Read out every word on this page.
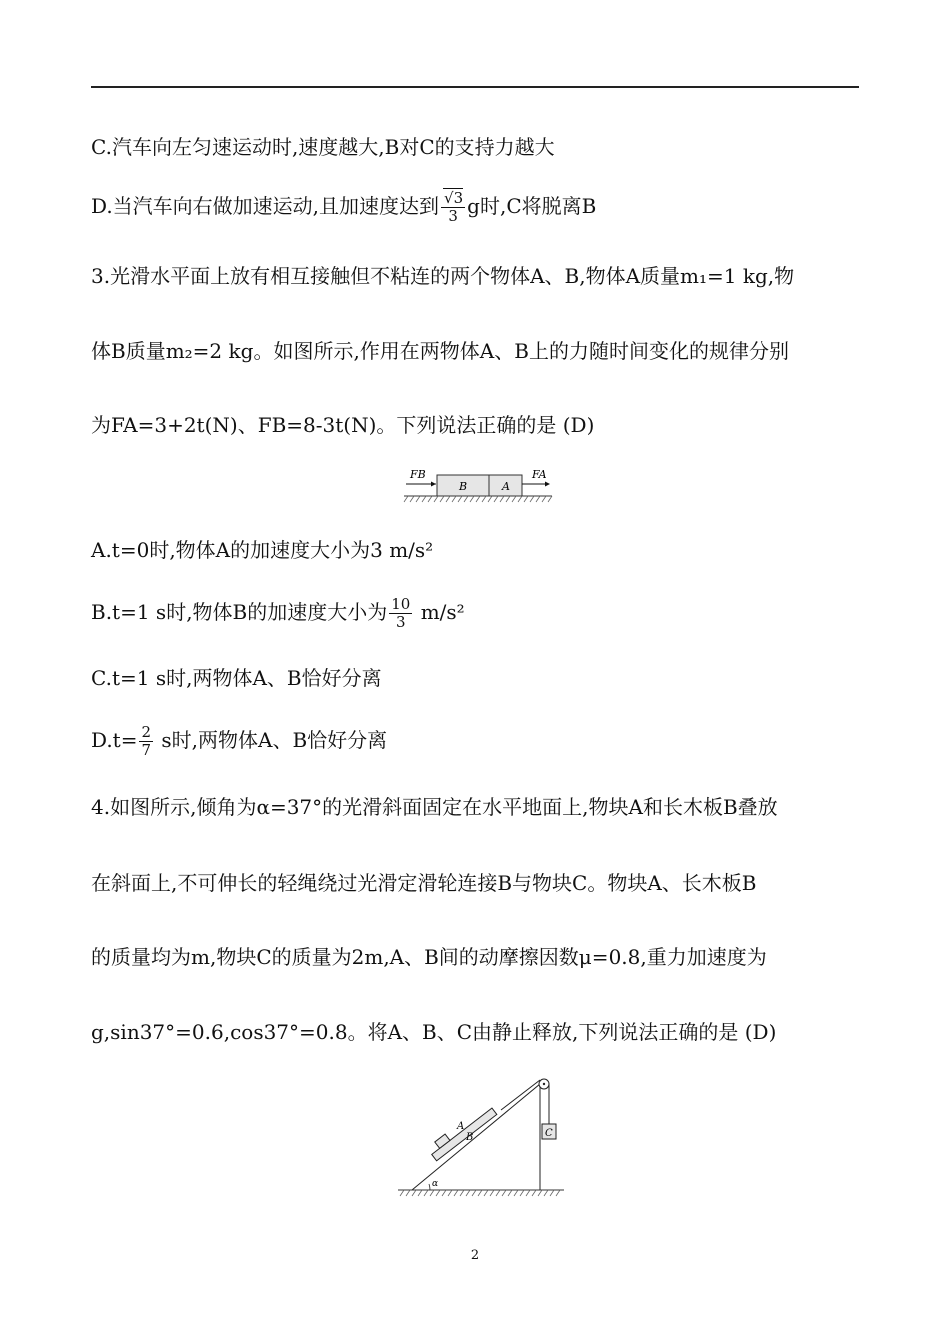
C.汽车向左匀速运动时,速度越大,B对C的支持力越大
D.当汽车向右做加速运动,且加速度达到 $\frac{√3}{3}$ g时,C将脱离B
3.光滑水平面上放有相互接触但不粘连的两个物体A、B,物体A质量m₁=1 kg,物
体B质量m₂=2 kg。如图所示,作用在两物体A、B上的力随时间变化的规律分别
为FA=3+2t(N)、FB=8-3t(N)。下列说法正确的是 (D)
FB
B	A
FA
A.t=0时,物体A的加速度大小为3 m/s²
B.t=1 s时,物体B的加速度大小为 $\frac{10}{3} m/s^2$
C.t=1 s时,两物体A、B恰好分离
$D.t= \frac{2}{7}$ s时,两物体A、B恰好分离
4.如图所示,倾角为α=37°的光滑斜面固定在水平地面上,物块A和长木板B叠放
在斜面上,不可伸长的轻绳绕过光滑定滑轮连接B与物块C。物块A、长木板B
的质量均为m,物块C的质量为2m,A、B间的动摩擦因数μ=0.8,重力加速度为
g,sin37°=0.6,cos37°=0.8。将A、B、C由静止释放,下列说法正确的是 (D)
α
A
B	C
2
